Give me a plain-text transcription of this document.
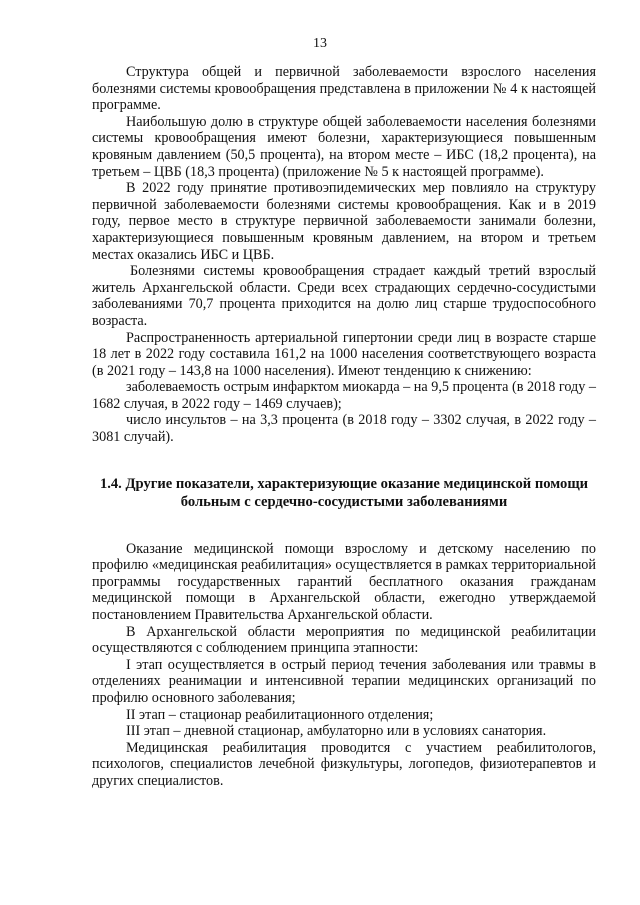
13

Структура общей и первичной заболеваемости взрослого населения болезнями системы кровообращения представлена в приложении № 4 к настоящей программе.

Наибольшую долю в структуре общей заболеваемости населения болезнями системы кровообращения имеют болезни, характеризующиеся повышенным кровяным давлением (50,5 процента), на втором месте – ИБС (18,2 процента), на третьем – ЦВБ (18,3 процента) (приложение № 5 к настоящей программе).

В 2022 году принятие противоэпидемических мер повлияло на структуру первичной заболеваемости болезнями системы кровообращения. Как и в 2019 году, первое место в структуре первичной заболеваемости занимали болезни, характеризующиеся повышенным кровяным давлением, на втором и третьем местах оказались ИБС и ЦВБ.

Болезнями системы кровообращения страдает каждый третий взрослый житель Архангельской области. Среди всех страдающих сердечно-сосудистыми заболеваниями 70,7 процента приходится на долю лиц старше трудоспособного возраста.

Распространенность артериальной гипертонии среди лиц в возрасте старше 18 лет в 2022 году составила 161,2 на 1000 населения соответствующего возраста (в 2021 году – 143,8 на 1000 населения). Имеют тенденцию к снижению:

заболеваемость острым инфарктом миокарда – на 9,5 процента (в 2018 году – 1682 случая, в 2022 году – 1469 случаев);

число инсультов – на 3,3 процента (в 2018 году – 3302 случая, в 2022 году – 3081 случай).

1.4. Другие показатели, характеризующие оказание медицинской помощи больным с сердечно-сосудистыми заболеваниями

Оказание медицинской помощи взрослому и детскому населению по профилю «медицинская реабилитация» осуществляется в рамках территориальной программы государственных гарантий бесплатного оказания гражданам медицинской помощи в Архангельской области, ежегодно утверждаемой постановлением Правительства Архангельской области.

В Архангельской области мероприятия по медицинской реабилитации осуществляются с соблюдением принципа этапности:

I этап осуществляется в острый период течения заболевания или травмы в отделениях реанимации и интенсивной терапии медицинских организаций по профилю основного заболевания;

II этап – стационар реабилитационного отделения;

III этап – дневной стационар, амбулаторно или в условиях санатория.

Медицинская реабилитация проводится с участием реабилитологов, психологов, специалистов лечебной физкультуры, логопедов, физиотерапевтов и других специалистов.
